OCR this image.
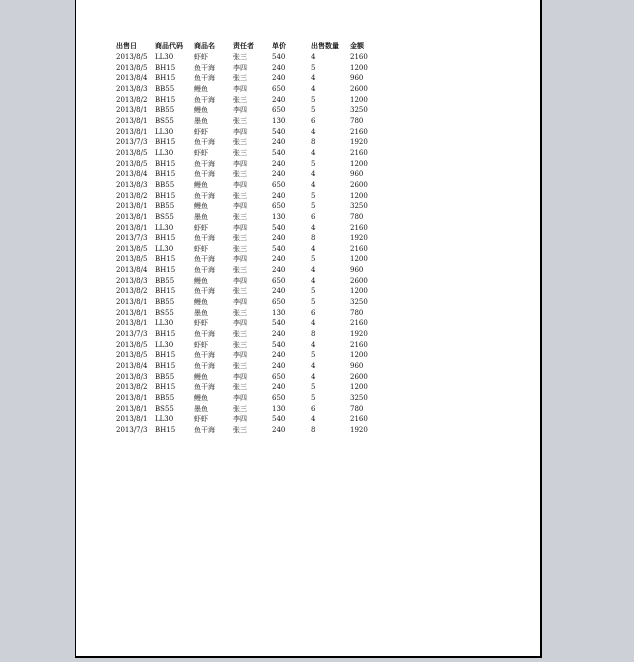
出售日	商品代码	商品名	责任者	单价	出售数量	金额
2013/8/5	LL30	虾虾	张三	540	4	2160
2013/8/5	BH15	鱼干海	李四	240	5	1200
2013/8/4	BH15	鱼干海	张三	240	4	960
2013/8/3	BB55	鳗鱼	李四	650	4	2600
2013/8/2	BH15	鱼干海	张三	240	5	1200
2013/8/1	BB55	鳗鱼	李四	650	5	3250
2013/8/1	BS55	墨鱼	张三	130	6	780
2013/8/1	LL30	虾虾	李四	540	4	2160
2013/7/3	BH15	鱼干海	张三	240	8	1920
2013/8/5	LL30	虾虾	张三	540	4	2160
2013/8/5	BH15	鱼干海	李四	240	5	1200
2013/8/4	BH15	鱼干海	张三	240	4	960
2013/8/3	BB55	鳗鱼	李四	650	4	2600
2013/8/2	BH15	鱼干海	张三	240	5	1200
2013/8/1	BB55	鳗鱼	李四	650	5	3250
2013/8/1	BS55	墨鱼	张三	130	6	780
2013/8/1	LL30	虾虾	李四	540	4	2160
2013/7/3	BH15	鱼干海	张三	240	8	1920
2013/8/5	LL30	虾虾	张三	540	4	2160
2013/8/5	BH15	鱼干海	李四	240	5	1200
2013/8/4	BH15	鱼干海	张三	240	4	960
2013/8/3	BB55	鳗鱼	李四	650	4	2600
2013/8/2	BH15	鱼干海	张三	240	5	1200
2013/8/1	BB55	鳗鱼	李四	650	5	3250
2013/8/1	BS55	墨鱼	张三	130	6	780
2013/8/1	LL30	虾虾	李四	540	4	2160
2013/7/3	BH15	鱼干海	张三	240	8	1920
2013/8/5	LL30	虾虾	张三	540	4	2160
2013/8/5	BH15	鱼干海	李四	240	5	1200
2013/8/4	BH15	鱼干海	张三	240	4	960
2013/8/3	BB55	鳗鱼	李四	650	4	2600
2013/8/2	BH15	鱼干海	张三	240	5	1200
2013/8/1	BB55	鳗鱼	李四	650	5	3250
2013/8/1	BS55	墨鱼	张三	130	6	780
2013/8/1	LL30	虾虾	李四	540	4	2160
2013/7/3	BH15	鱼干海	张三	240	8	1920
